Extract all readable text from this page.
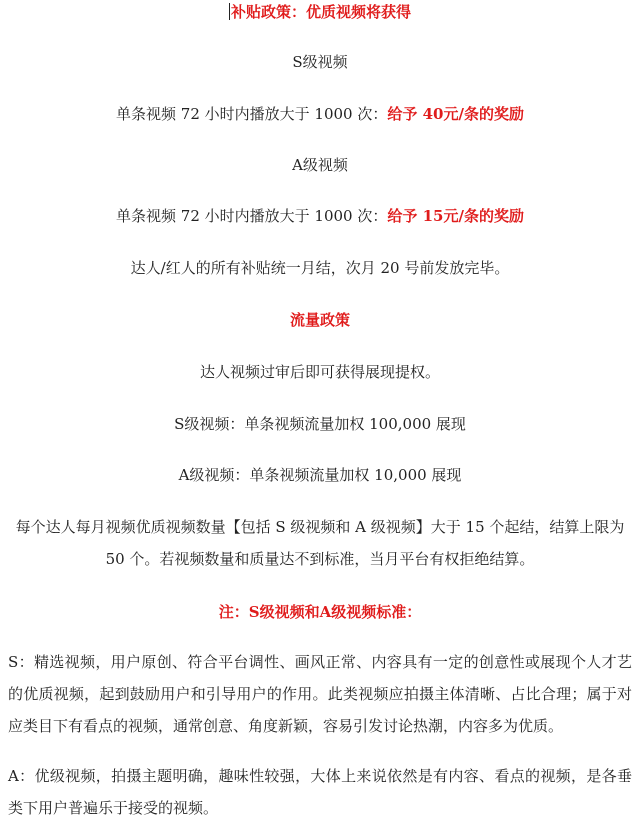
补贴政策：优质视频将获得
S级视频
单条视频 72 小时内播放大于 1000 次：给予 40元/条的奖励
A级视频
单条视频 72 小时内播放大于 1000 次：给予 15元/条的奖励
达人/红人的所有补贴统一月结，次月 20 号前发放完毕。
流量政策
达人视频过审后即可获得展现提权。
S级视频：单条视频流量加权 100,000 展现
A级视频：单条视频流量加权 10,000 展现
每个达人每月视频优质视频数量【包括 S 级视频和 A 级视频】大于 15 个起结，结算上限为 50 个。若视频数量和质量达不到标准，当月平台有权拒绝结算。
注：S级视频和A级视频标准：
S：精选视频，用户原创、符合平台调性、画风正常、内容具有一定的创意性或展现个人才艺的优质视频，起到鼓励用户和引导用户的作用。此类视频应拍摄主体清晰、占比合理；属于对应类目下有看点的视频，通常创意、角度新颖，容易引发讨论热潮，内容多为优质。
A：优级视频，拍摄主题明确，趣味性较强，大体上来说依然是有内容、看点的视频，是各垂类下用户普遍乐于接受的视频。
